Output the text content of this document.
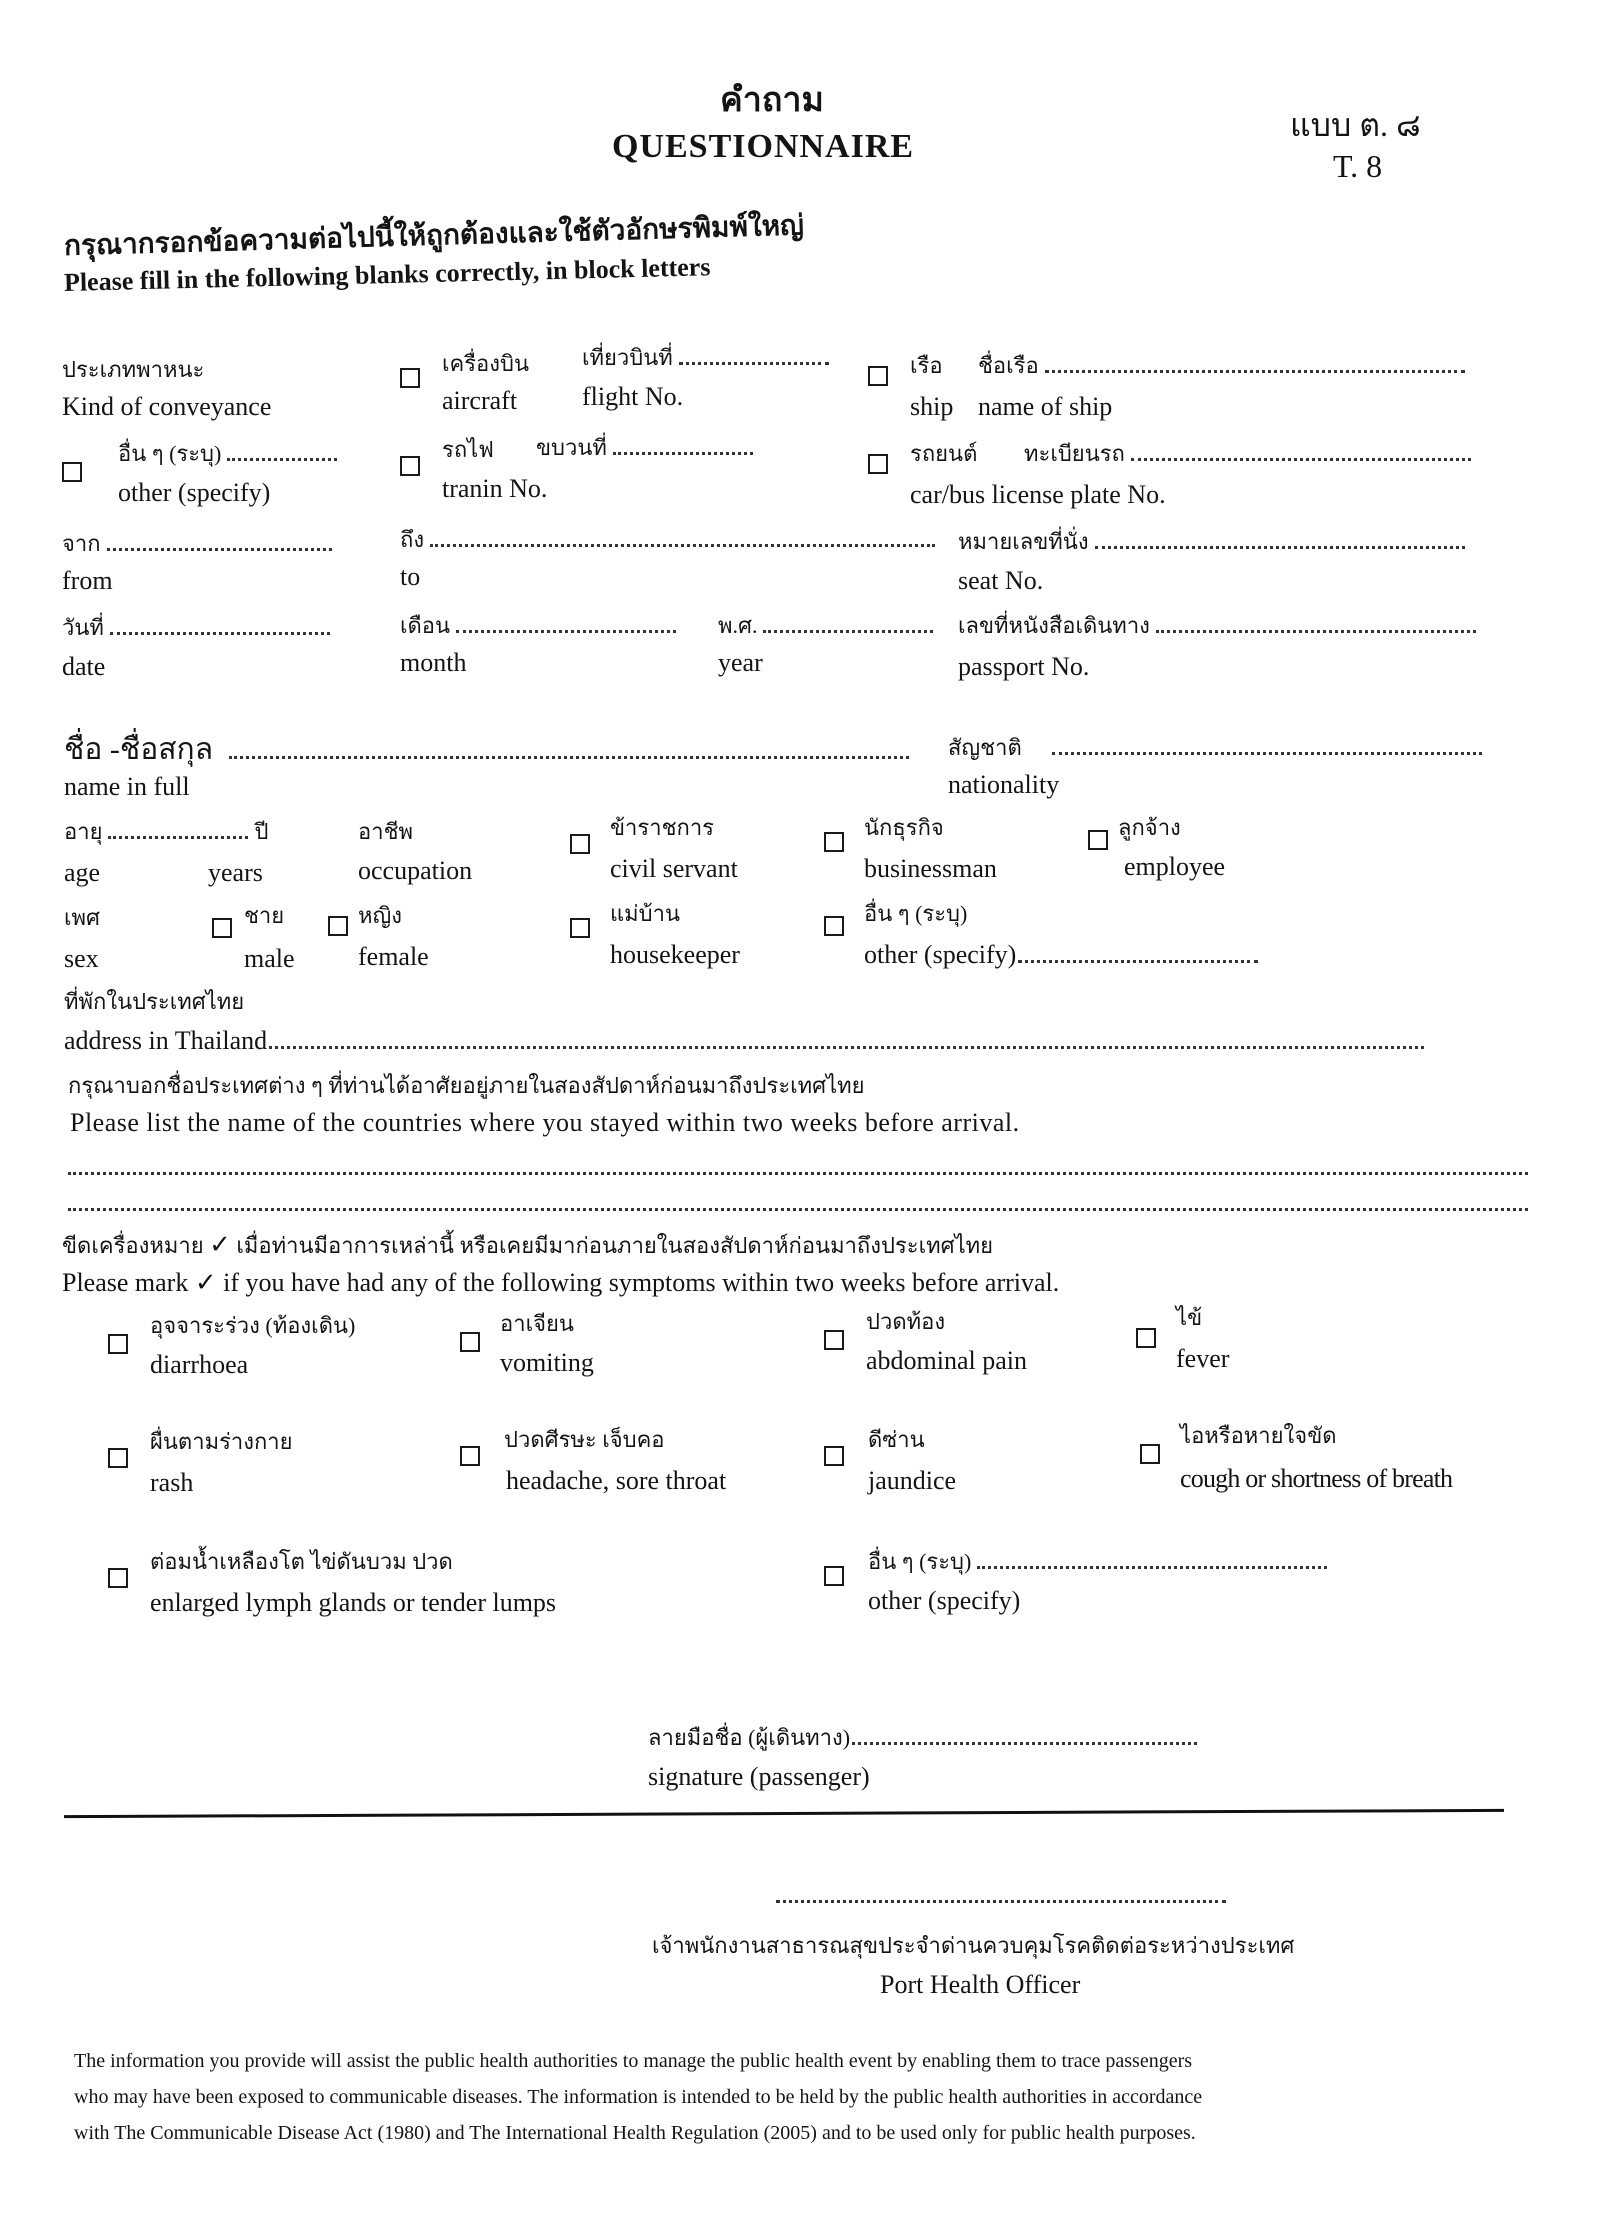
คำถาม
QUESTIONNAIRE
แบบ ต. ๘
T. 8
กรุณากรอกข้อความต่อไปนี้ให้ถูกต้องและใช้ตัวอักษรพิมพ์ใหญ่
Please fill in the following blanks correctly, in block letters
ประเภทพาหนะ
Kind of conveyance
เครื่องบิน เที่ยวบินที่
aircraft flight No.
เรือ ชื่อเรือ
ship name of ship
อื่น ๆ (ระบุ)
other (specify)
รถไฟ ขบวนที่
tranin No.
รถยนต์ ทะเบียนรถ
car/bus license plate No.
จาก
from
ถึง
to
หมายเลขที่นั่ง
seat No.
วันที่
date
เดือน
month
พ.ศ.
year
เลขที่หนังสือเดินทาง
passport No.
ชื่อ -ชื่อสกุล
name in full
สัญชาติ
nationality
อายุ	ปี
age	years
อาชีพ
occupation
ข้าราชการ
civil servant
นักธุรกิจ
businessman
ลูกจ้าง
employee
เพศ
sex
ชาย
male
หญิง
female
แม่บ้าน
housekeeper
อื่น ๆ (ระบุ)
other (specify)
ที่พักในประเทศไทย
address in Thailand
กรุณาบอกชื่อประเทศต่าง ๆ ที่ท่านได้อาศัยอยู่ภายในสองสัปดาห์ก่อนมาถึงประเทศไทย
Please list the name of the countries where you stayed within two weeks before arrival.
ขีดเครื่องหมาย ✓ เมื่อท่านมีอาการเหล่านี้ หรือเคยมีมาก่อนภายในสองสัปดาห์ก่อนมาถึงประเทศไทย
Please mark ✓ if you have had any of the following symptoms within two weeks before arrival.
อุจจาระร่วง (ท้องเดิน)
diarrhoea
อาเจียน
vomiting
ปวดท้อง
abdominal pain
ไข้
fever
ผื่นตามร่างกาย
rash
ปวดศีรษะ เจ็บคอ
headache, sore throat
ดีซ่าน
jaundice
ไอหรือหายใจขัด
cough or shortness of breath
ต่อมน้ำเหลืองโต ไข่ดันบวม ปวด
enlarged lymph glands or tender lumps
อื่น ๆ (ระบุ)
other (specify)
ลายมือชื่อ (ผู้เดินทาง)
signature (passenger)
เจ้าพนักงานสาธารณสุขประจำด่านควบคุมโรคติดต่อระหว่างประเทศ
Port Health Officer
The information you provide will assist the public health authorities to manage the public health event by enabling them to trace passengers
who may have been exposed to communicable diseases. The information is intended to be held by the public health authorities in accordance
with The Communicable Disease Act (1980) and The International Health Regulation (2005) and to be used only for public health purposes.
